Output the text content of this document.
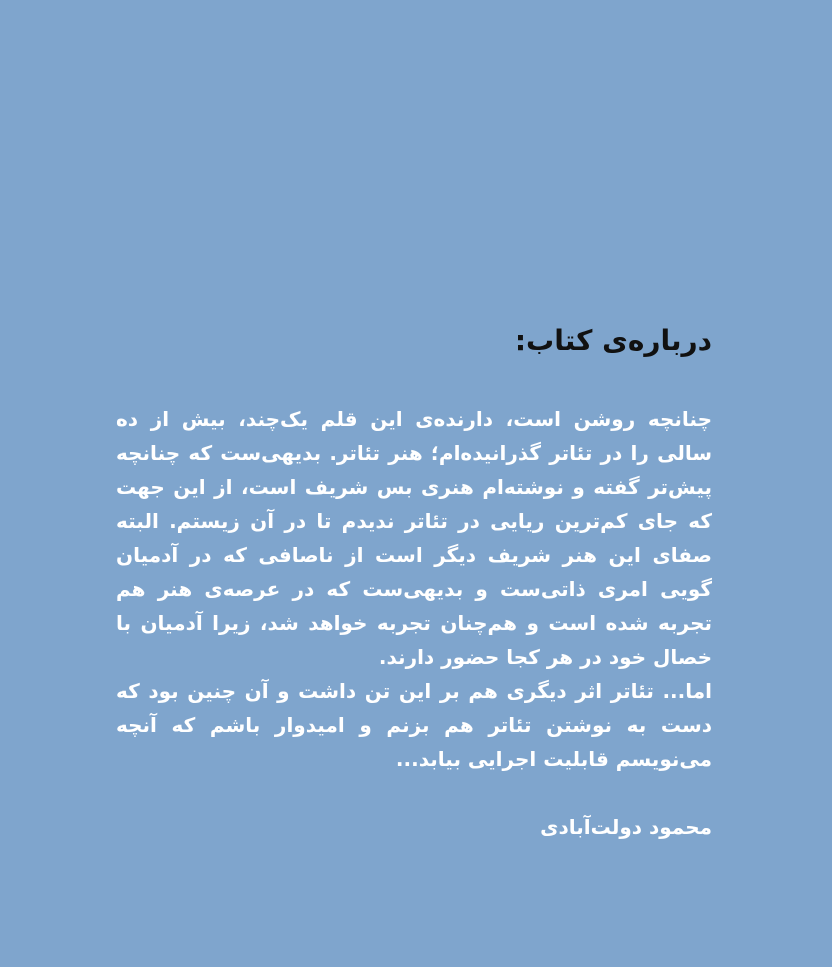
درباره‌ی کتاب:

چنانچه روشن است، دارنده‌ی این قلم یک‌چند، بیش از ده سالی را در تئاتر گذرانیده‌ام؛ هنر تئاتر. بدیهی‌ست که چنانچه پیش‌تر گفته و نوشته‌ام هنری بس شریف است، از این جهت که جای کم‌ترین ریایی در تئاتر ندیدم تا در آن زیستم. البته صفای این هنر شریف دیگر است از ناصافی که در آدمیان گویی امری ذاتی‌ست و بدیهی‌ست که در عرصه‌ی هنر هم تجربه شده است و هم‌چنان تجربه خواهد شد، زیرا آدمیان با خصال خود در هر کجا حضور دارند.

اما... تئاتر اثر دیگری هم بر این تن داشت و آن چنین بود که دست به نوشتن تئاتر هم بزنم و امیدوار باشم که آنچه می‌نویسم قابلیت اجرایی بیابد...

محمود دولت‌آبادی
